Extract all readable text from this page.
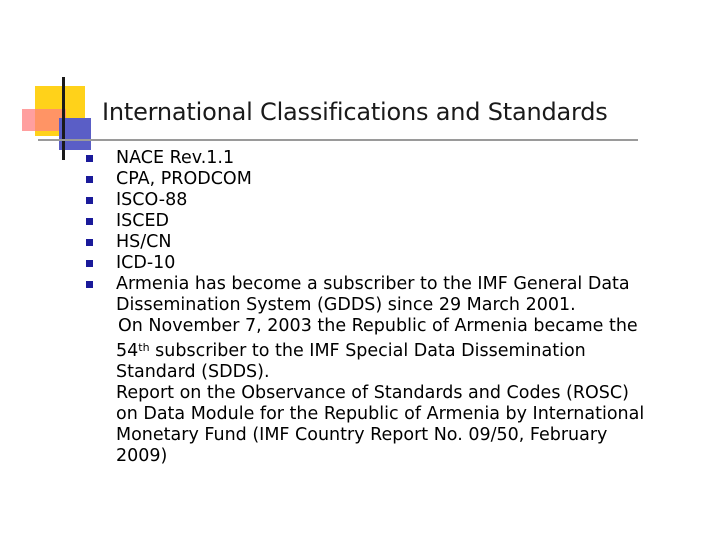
International Classifications and Standards
NACE Rev.1.1
CPA, PRODCOM
ISCO-88
ISCED
HS/CN
ICD-10
Armenia has become a subscriber to the IMF General Data
Dissemination System (GDDS) since 29 March 2001.
On November 7, 2003 the Republic of Armenia became the
54th subscriber to the IMF Special Data Dissemination
Standard (SDDS).
Report on the Observance of Standards and Codes (ROSC)
on Data Module for the Republic of Armenia by International
Monetary Fund (IMF Country Report No. 09/50, February
2009)
